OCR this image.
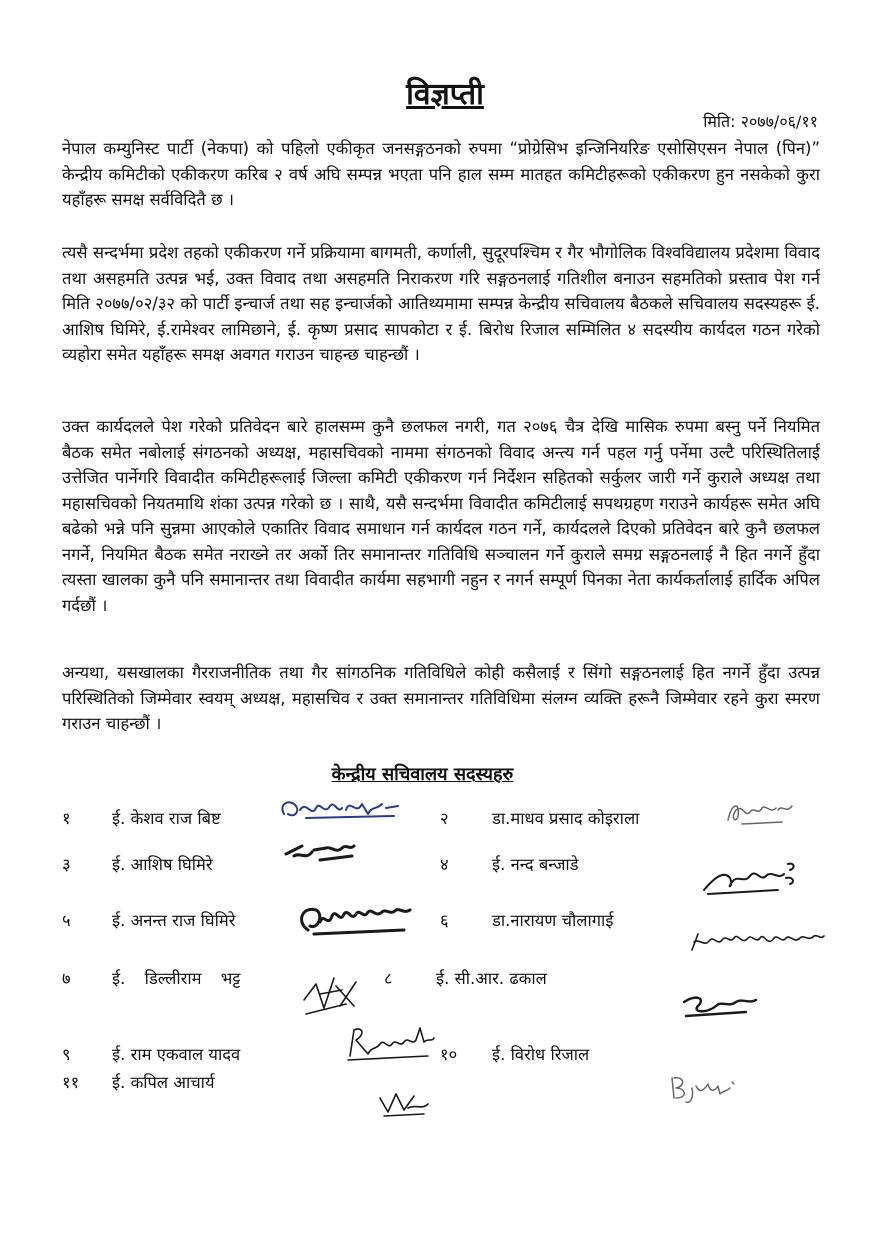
विज्ञप्ती
मिति: २०७७/०६/११

नेपाल कम्युनिस्ट पार्टी (नेकपा) को पहिलो एकीकृत जनसङ्गठनको रुपमा “प्रोग्रेसिभ इन्जिनियरिङ एसोसिएसन नेपाल (पिन)” केन्द्रीय कमिटीको एकीकरण करिब २ वर्ष अघि सम्पन्न भएता पनि हाल सम्म मातहत कमिटीहरूको एकीकरण हुन नसकेको कुरा यहाँहरू समक्ष सर्वविदितै छ ।

त्यसै सन्दर्भमा प्रदेश तहको एकीकरण गर्ने प्रक्रियामा बागमती, कर्णाली, सुदूरपश्चिम र गैर भौगोलिक विश्वविद्यालय प्रदेशमा विवाद तथा असहमति उत्पन्न भई, उक्त विवाद तथा असहमति निराकरण गरि सङ्गठनलाई गतिशील बनाउन सहमतिको प्रस्ताव पेश गर्न मिति २०७७/०२/३२ को पार्टी इन्चार्ज तथा सह इन्चार्जको आतिथ्यमामा सम्पन्न केन्द्रीय सचिवालय बैठकले सचिवालय सदस्यहरू ई. आशिष घिमिरे, ई.रामेश्वर लामिछाने, ई. कृष्ण प्रसाद सापकोटा र ई. बिरोध रिजाल सम्मिलित ४ सदस्यीय कार्यदल गठन गरेको व्यहोरा समेत यहाँहरू समक्ष अवगत गराउन चाहन्छ चाहन्छौं ।

उक्त कार्यदलले पेश गरेको प्रतिवेदन बारे हालसम्म कुनै छलफल नगरी, गत २०७६ चैत्र देखि मासिक रुपमा बस्नु पर्ने नियमित बैठक समेत नबोलाई संगठनको अध्यक्ष, महासचिवको नाममा संगठनको विवाद अन्त्य गर्न पहल गर्नु पर्नेमा उल्टै परिस्थितिलाई उत्तेजित पार्नेगरि विवादीत कमिटीहरूलाई जिल्ला कमिटी एकीकरण गर्न निर्देशन सहितको सर्कुलर जारी गर्ने कुराले अध्यक्ष तथा महासचिवको नियतमाथि शंका उत्पन्न गरेको छ । साथै, यसै सन्दर्भमा विवादीत कमिटीलाई सपथग्रहण गराउने कार्यहरू समेत अघि बढेको भन्ने पनि सुन्नमा आएकोले एकातिर विवाद समाधान गर्न कार्यदल गठन गर्ने, कार्यदलले दिएको प्रतिवेदन बारे कुनै छलफल नगर्ने, नियमित बैठक समेत नराख्ने तर अर्को तिर समानान्तर गतिविधि सञ्चालन गर्ने कुराले समग्र सङ्गठनलाई नै हित नगर्ने हुँदा त्यस्ता खालका कुनै पनि समानान्तर तथा विवादीत कार्यमा सहभागी नहुन र नगर्न सम्पूर्ण पिनका नेता कार्यकर्तालाई हार्दिक अपिल गर्दछौं ।

अन्यथा, यसखालका गैरराजनीतिक तथा गैर सांगठनिक गतिविधिले कोही कसैलाई र सिंगो सङ्गठनलाई हित नगर्ने हुँदा उत्पन्न परिस्थितिको जिम्मेवार स्वयम् अध्यक्ष, महासचिव र उक्त समानान्तर गतिविधिमा संलग्न व्यक्ति हरूनै जिम्मेवार रहने कुरा स्मरण गराउन चाहन्छौं ।

केन्द्रीय सचिवालय सदस्यहरु
१	ई. केशव राज बिष्ट	२	डा.माधव प्रसाद कोइराला
३	ई. आशिष घिमिरे	४	ई. नन्द बन्जाडे
५	ई. अनन्त राज घिमिरे	६	डा.नारायण चौलागाई
७	ई. डिल्लीराम भट्ट	८	ई. सी.आर. ढकाल
९	ई. राम एकवाल यादव	१० ई. विरोध रिजाल
११ ई. कपिल आचार्य
